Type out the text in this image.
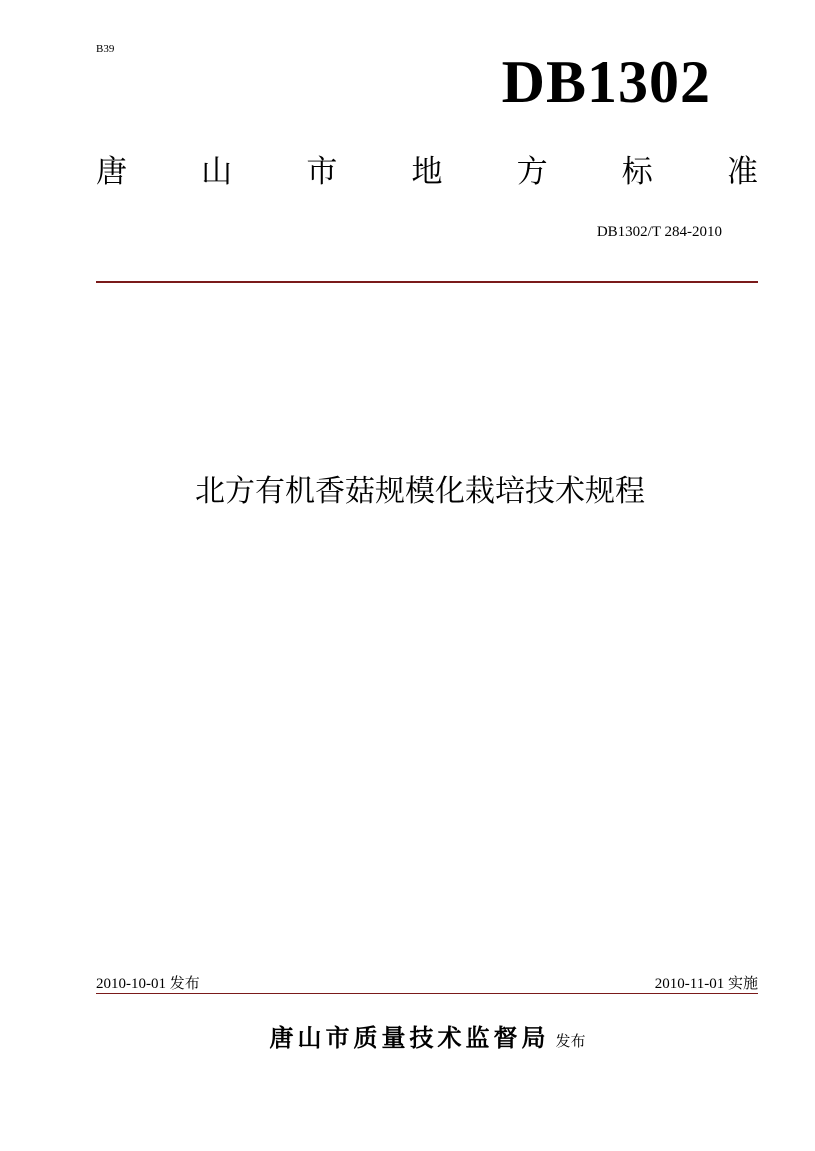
B39	DB1302
唐 山 市 地 方 标 准
DB1302/T 284-2010
北方有机香菇规模化栽培技术规程
2010-10-01 发布	2010-11-01 实施
唐山市质量技术监督局 发布
